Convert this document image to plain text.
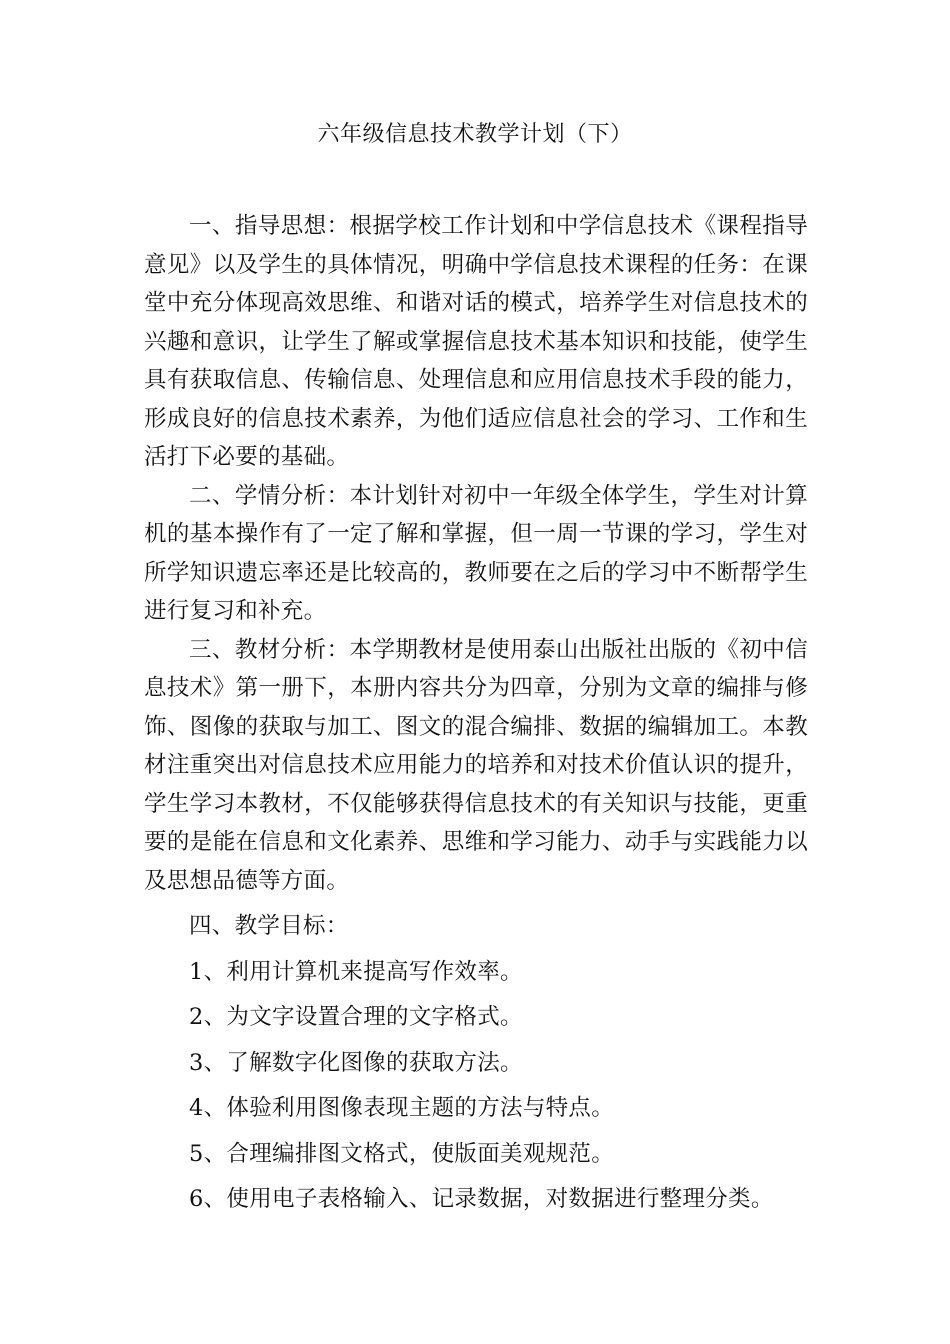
六年级信息技术教学计划（下）

一、指导思想：根据学校工作计划和中学信息技术《课程指导意见》以及学生的具体情况，明确中学信息技术课程的任务：在课堂中充分体现高效思维、和谐对话的模式，培养学生对信息技术的兴趣和意识，让学生了解或掌握信息技术基本知识和技能，使学生具有获取信息、传输信息、处理信息和应用信息技术手段的能力，形成良好的信息技术素养，为他们适应信息社会的学习、工作和生活打下必要的基础。

二、学情分析：本计划针对初中一年级全体学生，学生对计算机的基本操作有了一定了解和掌握，但一周一节课的学习，学生对所学知识遗忘率还是比较高的，教师要在之后的学习中不断帮学生进行复习和补充。

三、教材分析：本学期教材是使用泰山出版社出版的《初中信息技术》第一册下，本册内容共分为四章，分别为文章的编排与修饰、图像的获取与加工、图文的混合编排、数据的编辑加工。本教材注重突出对信息技术应用能力的培养和对技术价值认识的提升，学生学习本教材，不仅能够获得信息技术的有关知识与技能，更重要的是能在信息和文化素养、思维和学习能力、动手与实践能力以及思想品德等方面。

四、教学目标：

1、利用计算机来提高写作效率。

2、为文字设置合理的文字格式。

3、了解数字化图像的获取方法。

4、体验利用图像表现主题的方法与特点。

5、合理编排图文格式，使版面美观规范。

6、使用电子表格输入、记录数据，对数据进行整理分类。
